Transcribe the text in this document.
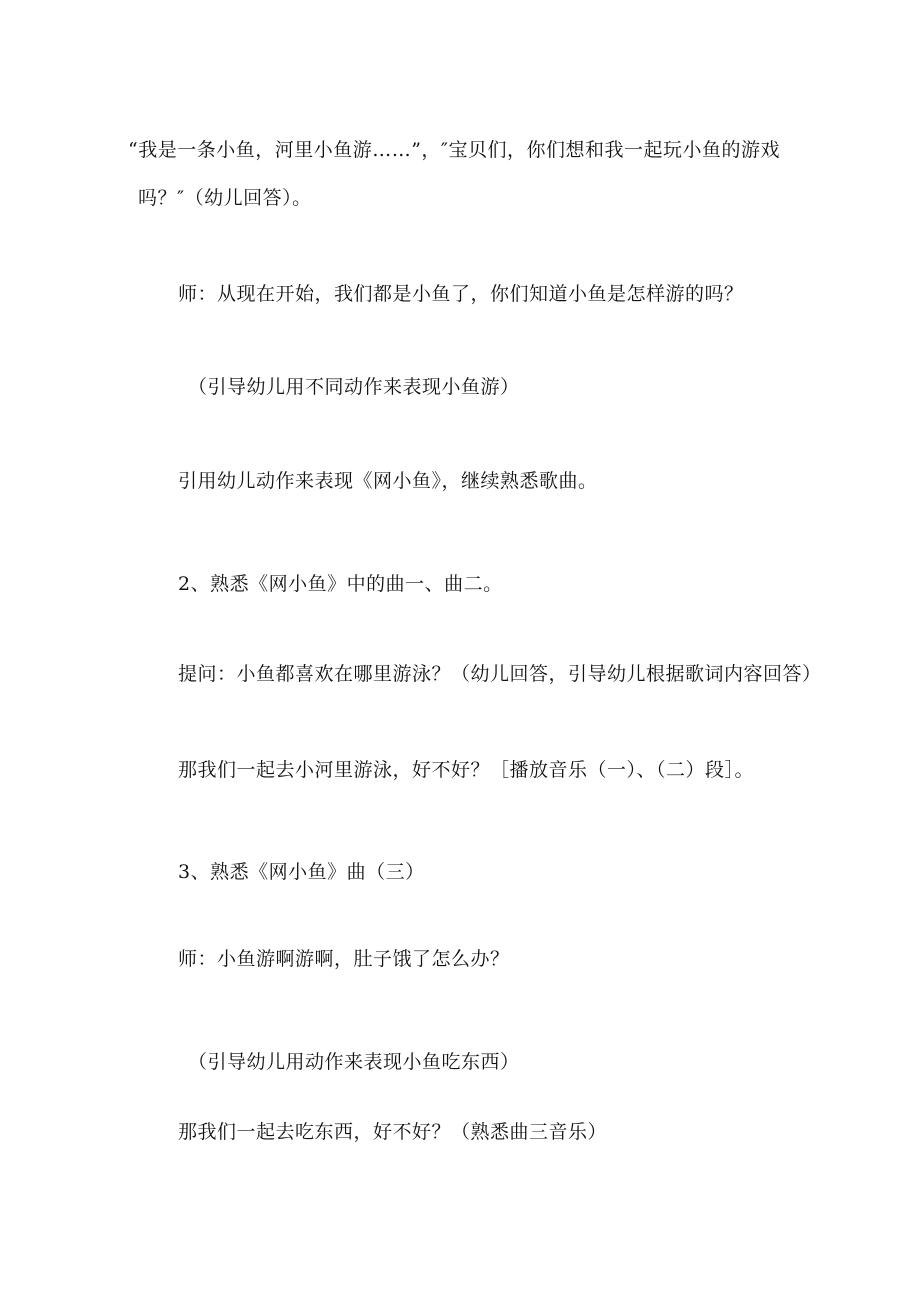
“我是一条小鱼，河里小鱼游……”，″宝贝们，你们想和我一起玩小鱼的游戏
吗？″（幼儿回答）。
师：从现在开始，我们都是小鱼了，你们知道小鱼是怎样游的吗？
（引导幼儿用不同动作来表现小鱼游）
引用幼儿动作来表现《网小鱼》，继续熟悉歌曲。
2、熟悉《网小鱼》中的曲一、曲二。
提问：小鱼都喜欢在哪里游泳？（幼儿回答，引导幼儿根据歌词内容回答）
那我们一起去小河里游泳，好不好？［播放音乐（一）、（二）段］。
3、熟悉《网小鱼》曲（三）
师：小鱼游啊游啊，肚子饿了怎么办？
（引导幼儿用动作来表现小鱼吃东西）
那我们一起去吃东西，好不好？（熟悉曲三音乐）
